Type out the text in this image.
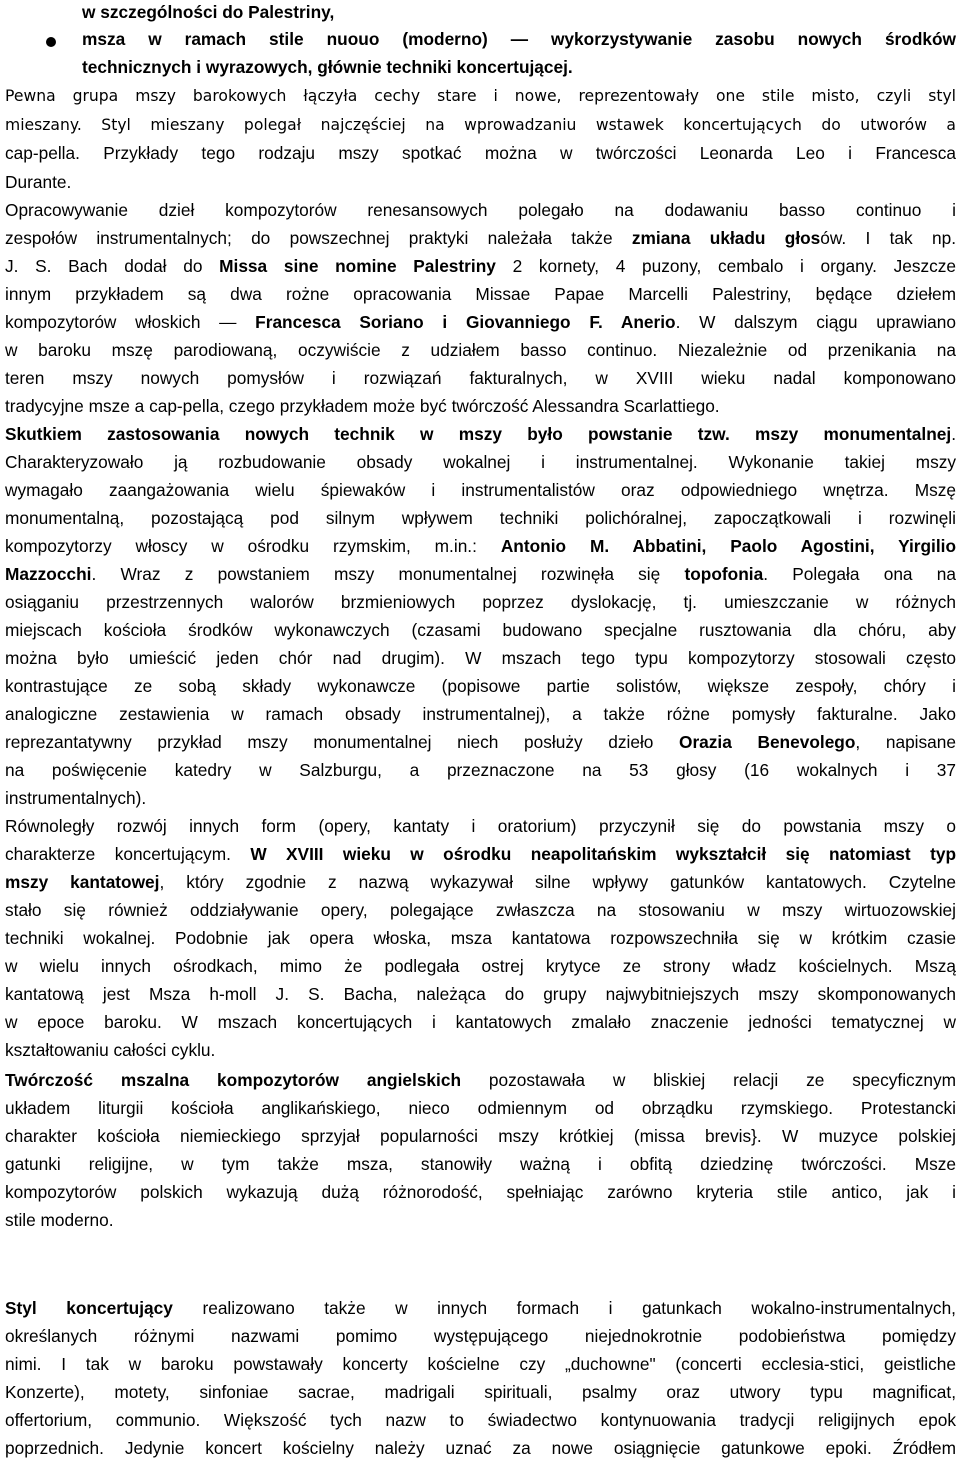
w szczególności do Palestriny,
msza w ramach stile nuouo (moderno) — wykorzystywanie zasobu nowych środków
technicznych i wyrazowych, głównie techniki koncertującej.
Pewna grupa mszy barokowych łączyła cechy stare i nowe, reprezentowały one stile misto, czyli styl
mieszany. Styl mieszany polegał najczęściej na wprowadzaniu wstawek koncertujących do utworów a
cap-pella. Przykłady tego rodzaju mszy spotkać można w twórczości Leonarda Leo i Francesca
Durante.
Opracowywanie dzieł kompozytorów renesansowych polegało na dodawaniu basso continuo i
zespołów instrumentalnych; do powszechnej praktyki należała także zmiana układu głosów. I tak np.
J. S. Bach dodał do Missa sine nomine Palestriny 2 kornety, 4 puzony, cembalo i organy. Jeszcze
innym przykładem są dwa rożne opracowania Missae Papae Marcelli Palestriny, będące dziełem
kompozytorów włoskich — Francesca Soriano i Giovanniego F. Anerio. W dalszym ciągu uprawiano
w baroku mszę parodiowaną, oczywiście z udziałem basso continuo. Niezależnie od przenikania na
teren mszy nowych pomysłów i rozwiązań fakturalnych, w XVIII wieku nadal komponowano
tradycyjne msze a cap-pella, czego przykładem może być twórczość Alessandra Scarlattiego.
Skutkiem zastosowania nowych technik w mszy było powstanie tzw. mszy monumentalnej.
Charakteryzowało ją rozbudowanie obsady wokalnej i instrumentalnej. Wykonanie takiej mszy
wymagało zaangażowania wielu śpiewaków i instrumentalistów oraz odpowiedniego wnętrza. Mszę
monumentalną, pozostającą pod silnym wpływem techniki polichóralnej, zapoczątkowali i rozwinęli
kompozytorzy włoscy w ośrodku rzymskim, m.in.: Antonio M. Abbatini, Paolo Agostini, Yirgilio
Mazzocchi. Wraz z powstaniem mszy monumentalnej rozwinęła się topofonia. Polegała ona na
osiąganiu przestrzennych walorów brzmieniowych poprzez dyslokację, tj. umieszczanie w różnych
miejscach kościoła środków wykonawczych (czasami budowano specjalne rusztowania dla chóru, aby
można było umieścić jeden chór nad drugim). W mszach tego typu kompozytorzy stosowali często
kontrastujące ze sobą składy wykonawcze (popisowe partie solistów, większe zespoły, chóry i
analogiczne zestawienia w ramach obsady instrumentalnej), a także różne pomysły fakturalne. Jako
reprezantatywny przykład mszy monumentalnej niech posłuży dzieło Orazia Benevolego, napisane
na poświęcenie katedry w Salzburgu, a przeznaczone na 53 głosy (16 wokalnych i 37
instrumentalnych).
Równoległy rozwój innych form (opery, kantaty i oratorium) przyczynił się do powstania mszy o
charakterze koncertującym. W XVIII wieku w ośrodku neapolitańskim wykształcił się natomiast typ
mszy kantatowej, który zgodnie z nazwą wykazywał silne wpływy gatunków kantatowych. Czytelne
stało się również oddziaływanie opery, polegające zwłaszcza na stosowaniu w mszy wirtuozowskiej
techniki wokalnej. Podobnie jak opera włoska, msza kantatowa rozpowszechniła się w krótkim czasie
w wielu innych ośrodkach, mimo że podlegała ostrej krytyce ze strony władz kościelnych. Mszą
kantatową jest Msza h-moll J. S. Bacha, należąca do grupy najwybitniejszych mszy skomponowanych
w epoce baroku. W mszach koncertujących i kantatowych zmalało znaczenie jedności tematycznej w
kształtowaniu całości cyklu.
Twórczość mszalna kompozytorów angielskich pozostawała w bliskiej relacji ze specyficznym
układem liturgii kościoła anglikańskiego, nieco odmiennym od obrządku rzymskiego. Protestancki
charakter kościoła niemieckiego sprzyjał popularności mszy krótkiej (missa brevis}. W muzyce polskiej
gatunki religijne, w tym także msza, stanowiły ważną i obfitą dziedzinę twórczości. Msze
kompozytorów polskich wykazują dużą różnorodość, spełniając zarówno kryteria stile antico, jak i
stile moderno.
Styl koncertujący realizowano także w innych formach i gatunkach wokalno-instrumentalnych,
określanych różnymi nazwami pomimo występującego niejednokrotnie podobieństwa pomiędzy
nimi. I tak w baroku powstawały koncerty kościelne czy „duchowne" (concerti ecclesia-stici, geistliche
Konzerte), motety, sinfoniae sacrae, madrigali spirituali, psalmy oraz utwory typu magnificat,
offertorium, communio. Większość tych nazw to świadectwo kontynuowania tradycji religijnych epok
poprzednich. Jedynie koncert kościelny należy uznać za nowe osiągnięcie gatunkowe epoki. Źródłem
